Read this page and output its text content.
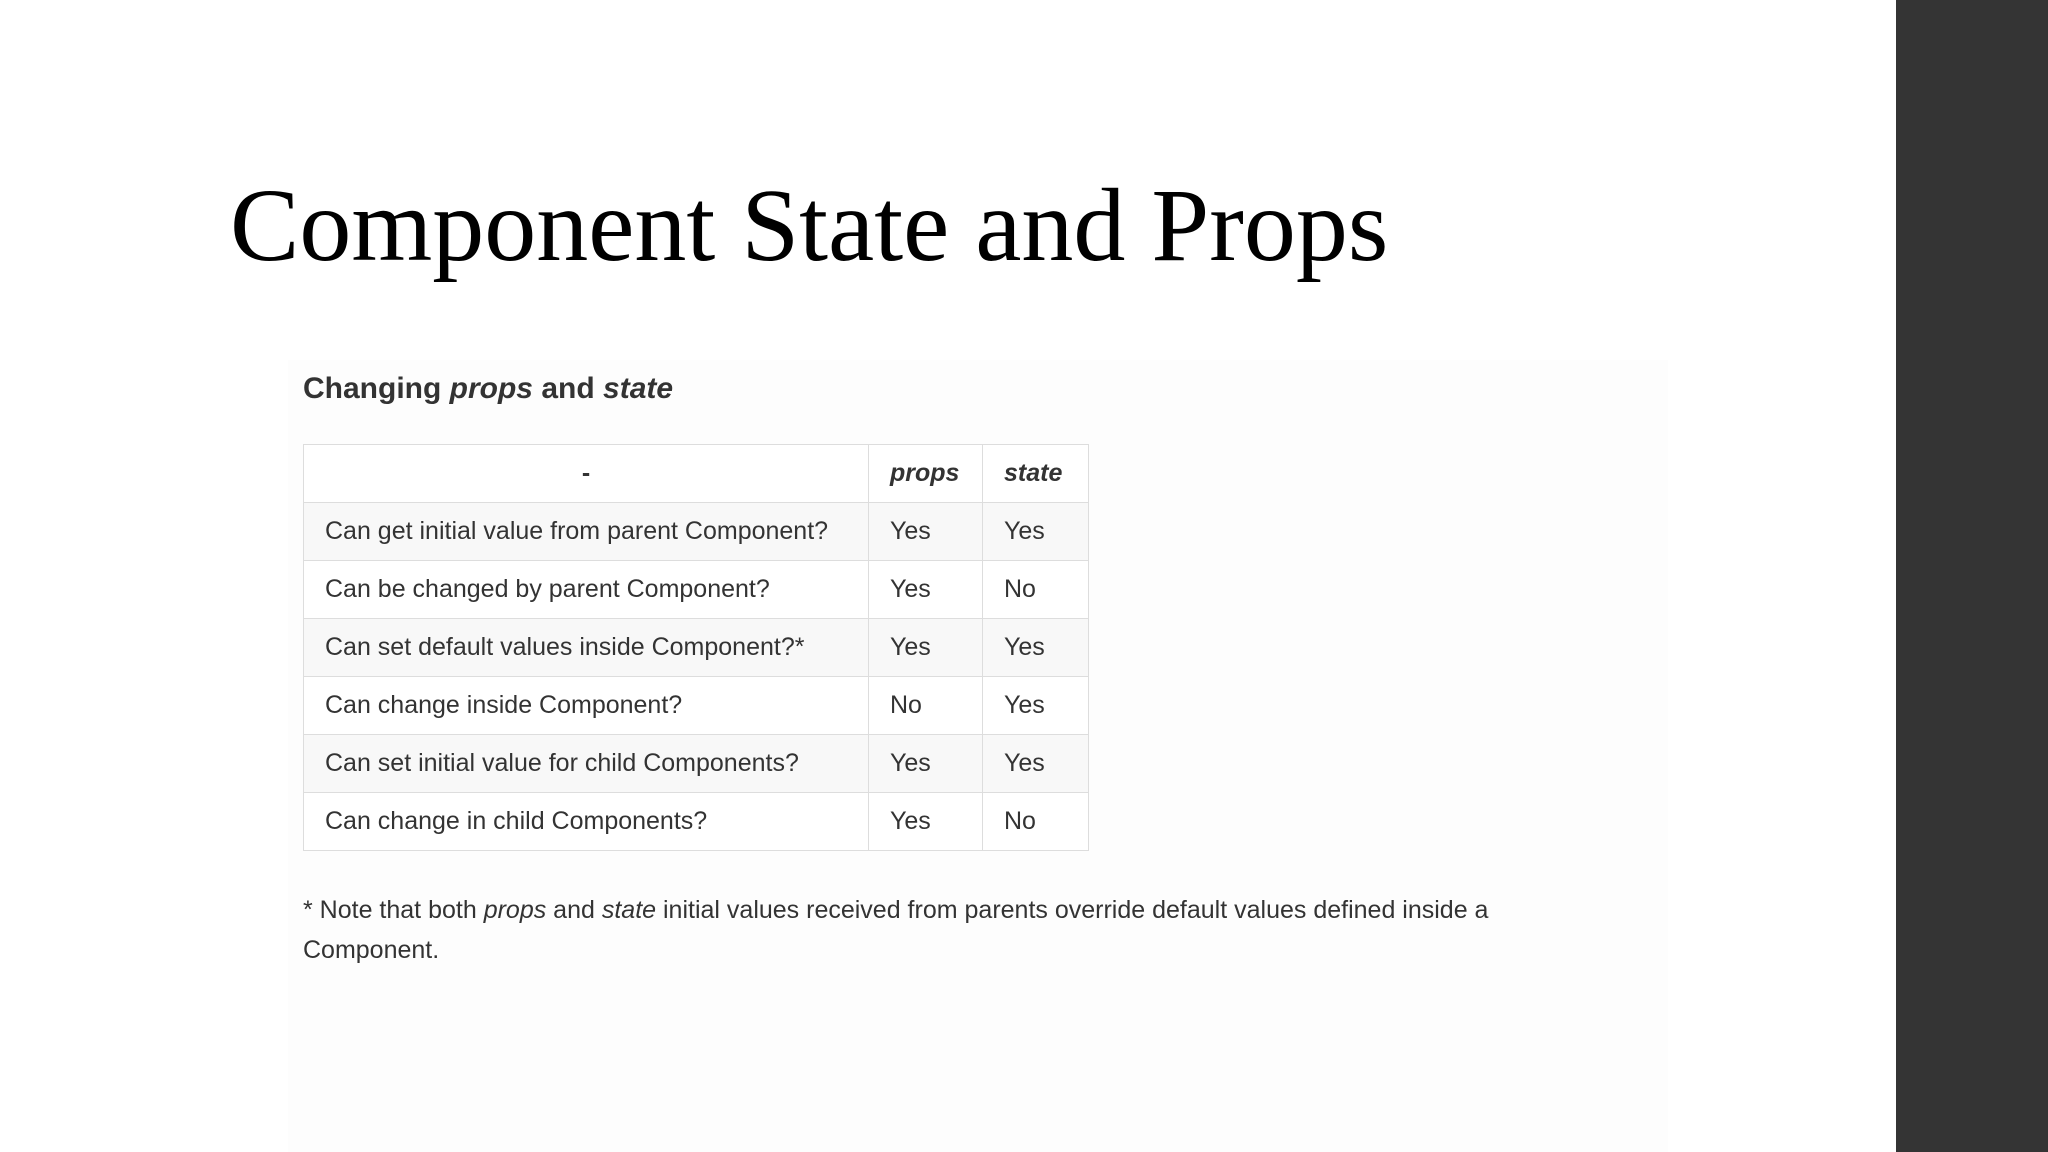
Component State and Props
Changing props and state
-	props	state
Can get initial value from parent Component?	Yes	Yes
Can be changed by parent Component?	Yes	No
Can set default values inside Component?*	Yes	Yes
Can change inside Component?	No	Yes
Can set initial value for child Components?	Yes	Yes
Can change in child Components?	Yes	No

* Note that both props and state initial values received from parents override default values defined inside a Component.
